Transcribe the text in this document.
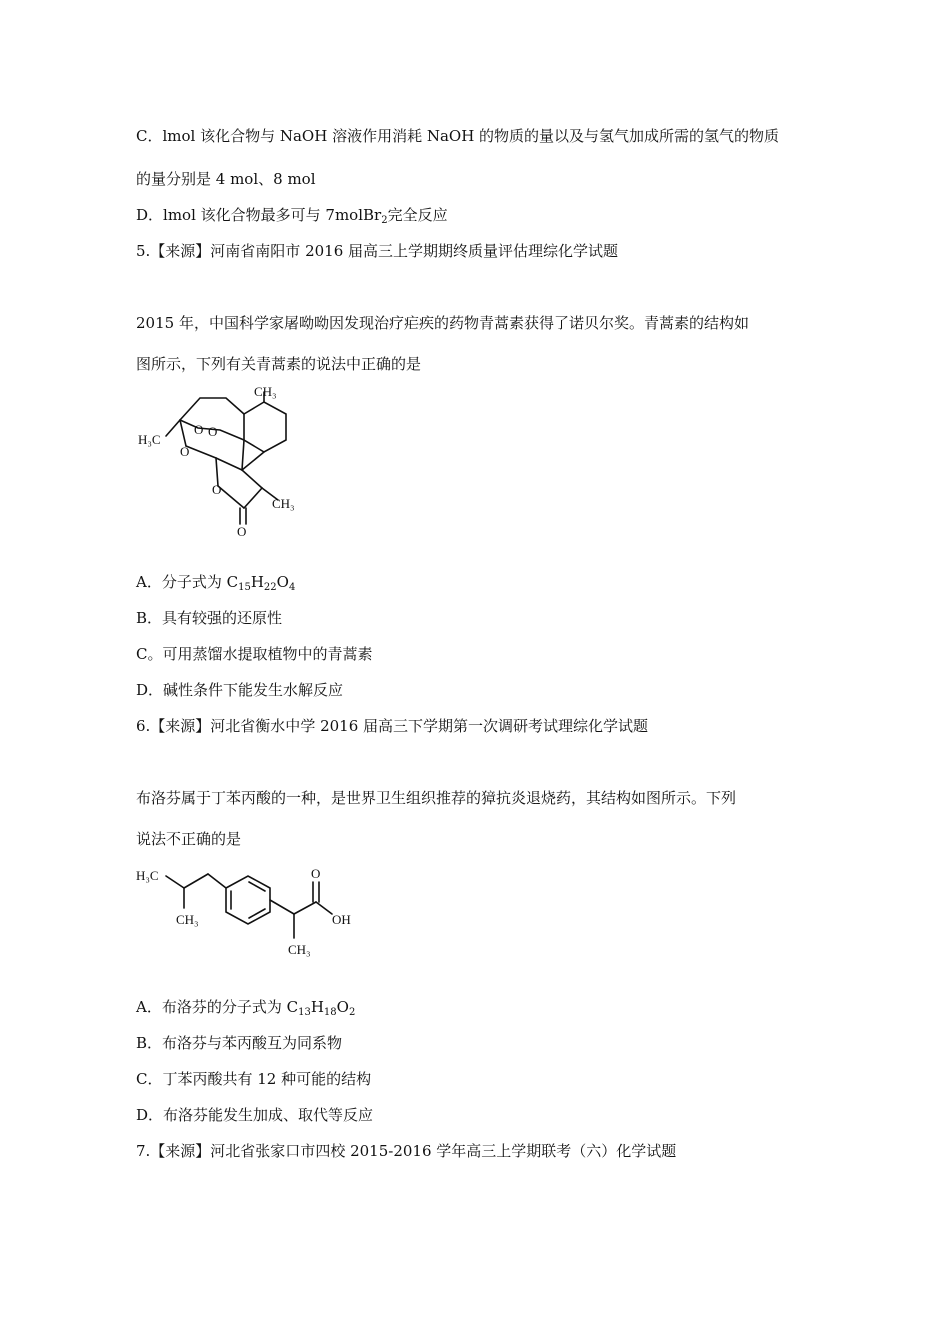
C．lmol 该化合物与 NaOH 溶液作用消耗 NaOH 的物质的量以及与氢气加成所需的氢气的物质
的量分别是 4 mol、8 mol
D．lmol 该化合物最多可与 7molBr$_2$完全反应
5.【来源】河南省南阳市 2016 届高三上学期期终质量评估理综化学试题
2015 年，中国科学家屠呦呦因发现治疗疟疾的药物青蒿素获得了诺贝尔奖。青蒿素的结构如
图所示，下列有关青蒿素的说法中正确的是
CH₃
H₃C
CH₃
O O
O
O
O
A．分子式为 $C_{15}H_{22}O_4$
B．具有较强的还原性
C。可用蒸馏水提取植物中的青蒿素
D．碱性条件下能发生水解反应
6.【来源】河北省衡水中学 2016 届高三下学期第一次调研考试理综化学试题
布洛芬属于丁苯丙酸的一种，是世界卫生组织推荐的獐抗炎退烧药，其结构如图所示。下列
说法不正确的是
H₃C
CH₃
CH₃
O
OH
A．布洛芬的分子式为 $C_{13}H_{18}O_2$
B．布洛芬与苯丙酸互为同系物
C．丁苯丙酸共有 12 种可能的结构
D．布洛芬能发生加成、取代等反应
7.【来源】河北省张家口市四校 2015-2016 学年高三上学期联考（六）化学试题
